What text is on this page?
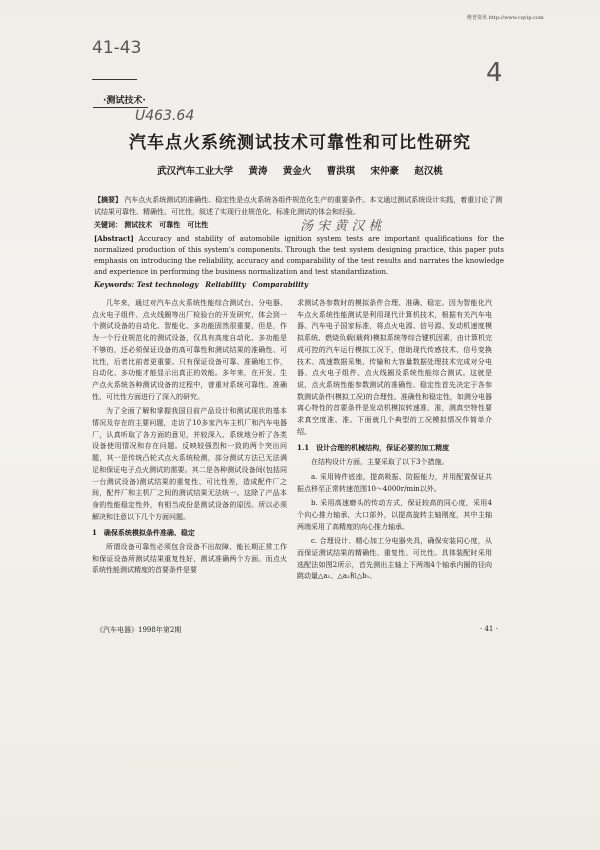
维普资讯 http://www.cqvip.com
41-43
4
·测试技术·
U463.64
汽车点火系统测试技术可靠性和可比性研究
武汉汽车工业大学 黄涛 黄金火 曹洪琪 宋仲豪 赵汉桃
【摘要】 汽车点火系统测试的准确性、稳定性是点火系统各组件规范化生产的重要条件。本文通过测试系统设计实践，着重讨论了测试结果可靠性、精确性、可比性，叙述了实现行业规范化、标准化测试的体会和经验。
关键词： 测试技术　可靠性　可比性	汤 宋 黄 汉 桃
[Abstract] Accuracy and stability of automobile ignition system tests are important qualifications for the normalized production of this system's components. Through the test system designing practice, this paper puts emphasis on introducing the reliability, accuracy and comparability of the test results and narrates the knowledge and experience in performing the business normalization and test standardization.
Keywords: Test technology　Reliability　Comparability

几年来，通过对汽车点火系统性能综合测试台、分电器、点火电子组件、点火线圈等出厂检验台的开发研究，体会到一个测试设备的自动化、智能化、多功能固然很重要，但是，作为一个行业规范化的测试设备，仅具有高度自动化、多功能是不够的，还必须保证设备的高可靠性和测试结果的准确性、可比性，后者比前者更重要。只有保证设备可靠、准确地工作，自动化、多功能才能显示出真正的效能。多年来，在开发、生产点火系统各种测试设备的过程中，曾重对系统可靠性、准确性、可比性方面进行了深入的研究。

为了全面了解和掌握我国目前产品设计和测试现状的基本情况及存在的主要问题，走访了10多家汽车主机厂和汽车电器厂，认真听取了各方面的意见，并较深入、系统地分析了各类设备使用情况和存在问题。反映较强烈和一致的两个突出问题，其一是传统凸轮式点火系统检测，部分测试方法已无法满足和保证电子点火测试的需要。其二是各种测试设备间(包括同一台测试设备)测试结果的重复性、可比性差，造成配件厂之间，配件厂和主机厂之间的测试结果无法统一。这除了产品本身的性能稳定性外，有相当成份是测试设备的原因。所以必须解决和注意以下几个方面问题。

1　确保系统模拟条件准确、稳定

所谓设备可靠性必须包含设备不出故障、能长期正常工作和保证设备所测试结果重复性好，测试准确两个方面。而点火系统性能测试精度的首要条件是要

求测试各参数时的模拟条件合理、准确、稳定。因为智能化汽车点火系统性能测试是利用现代计算机技术，根据有关汽车电器、汽车电子国家标准，将点火电源、信号源、发动机速度模拟系统、燃烧负载(载荷)模拟系统等综合键机因素，由计算机完成可控的汽车运行模拟工况下，借助现代传感技术、信号变换技术、高速数据采集、传输和大容量数据处理技术完成对分电器、点火电子组件、点火线圈及系统性能综合测试。这就是说，点火系统性能参数测试的准确性、稳定性首先决定于各参数测试条件(模拟工况)的合理性、准确性和稳定性，如测分电器离心特性的首要条件是发动机模拟转速准、准，测真空特性要求真空度准、准。下面就几个典型的工况模拟情况作简单介绍。

1.1　设计合理的机械结构，保证必要的加工精度

在结构设计方面，主要采取了以下3个措施。

a. 采用铸件底座，提高吸振、防振能力，并用配置保证共振点移至正常转速范围10～4000r/min以外。

b. 采用高速磨头的传动方式，保证较高的同心度，采用4个向心推力轴承，大口部外，以提高旋转主轴刚度，其中主轴两端采用了高精度的向心推力轴承。

c. 合理设计、精心加工分电器夹具，确保安装同心度，从而保证测试结果的精确性、重复性、可比性。具体装配时采用选配法如图2所示，首先测出主轴上下两端4个轴承内圈的径向跳动量△a₁、△a₂和△b₁、

《汽车电器》1998年第2期	· 41 ·
